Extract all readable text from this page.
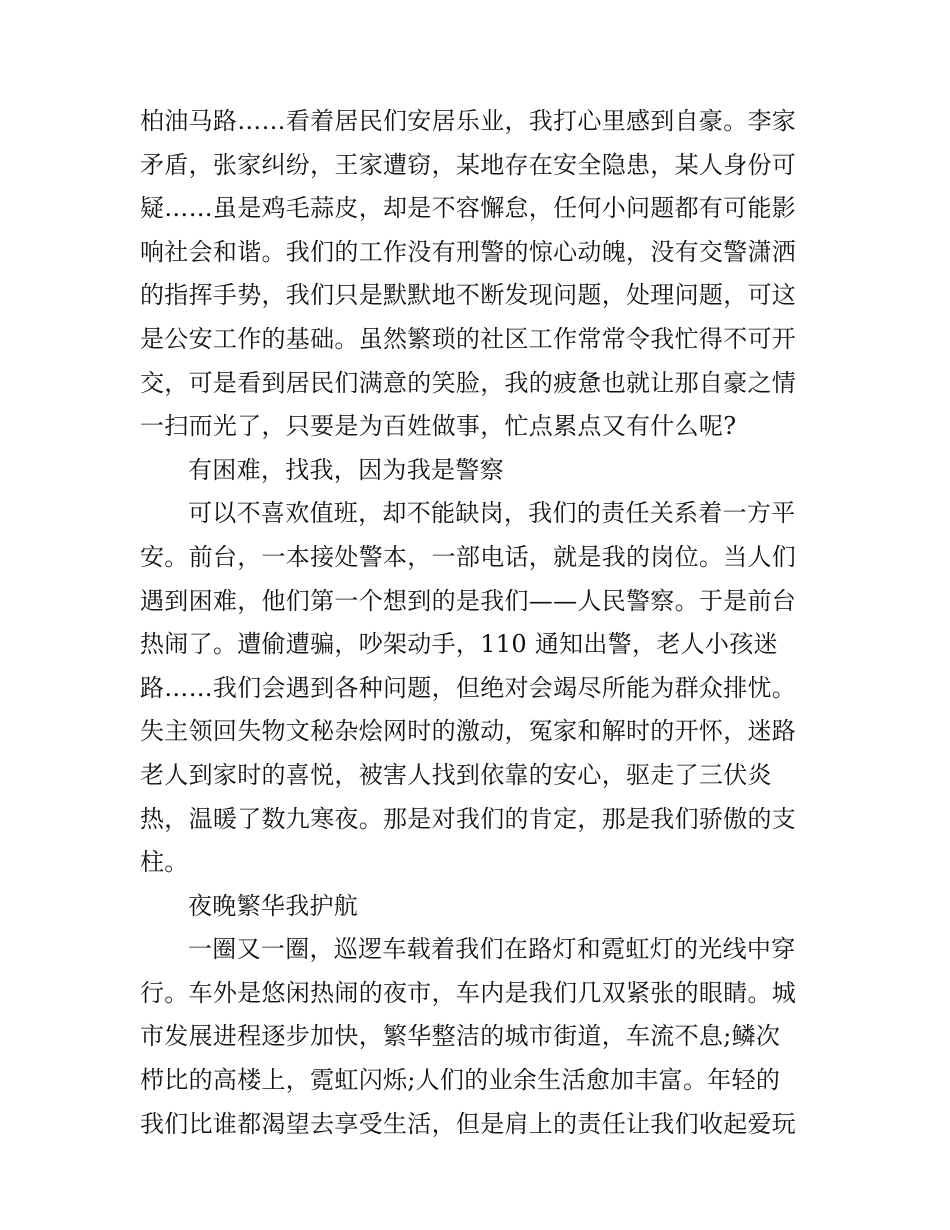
柏油马路……看着居民们安居乐业，我打心里感到自豪。李家
矛盾，张家纠纷，王家遭窃，某地存在安全隐患，某人身份可
疑……虽是鸡毛蒜皮，却是不容懈怠，任何小问题都有可能影
响社会和谐。我们的工作没有刑警的惊心动魄，没有交警潇洒
的指挥手势，我们只是默默地不断发现问题，处理问题，可这
是公安工作的基础。虽然繁琐的社区工作常常令我忙得不可开
交，可是看到居民们满意的笑脸，我的疲惫也就让那自豪之情
一扫而光了，只要是为百姓做事，忙点累点又有什么呢?
有困难，找我，因为我是警察
可以不喜欢值班，却不能缺岗，我们的责任关系着一方平
安。前台，一本接处警本，一部电话，就是我的岗位。当人们
遇到困难，他们第一个想到的是我们——人民警察。于是前台
热闹了。遭偷遭骗，吵架动手，110 通知出警，老人小孩迷
路……我们会遇到各种问题，但绝对会竭尽所能为群众排忧。
失主领回失物文秘杂烩网时的激动，冤家和解时的开怀，迷路
老人到家时的喜悦，被害人找到依靠的安心，驱走了三伏炎
热，温暖了数九寒夜。那是对我们的肯定，那是我们骄傲的支
柱。
夜晚繁华我护航
一圈又一圈，巡逻车载着我们在路灯和霓虹灯的光线中穿
行。车外是悠闲热闹的夜市，车内是我们几双紧张的眼睛。城
市发展进程逐步加快，繁华整洁的城市街道，车流不息;鳞次
栉比的高楼上，霓虹闪烁;人们的业余生活愈加丰富。年轻的
我们比谁都渴望去享受生活，但是肩上的责任让我们收起爱玩
